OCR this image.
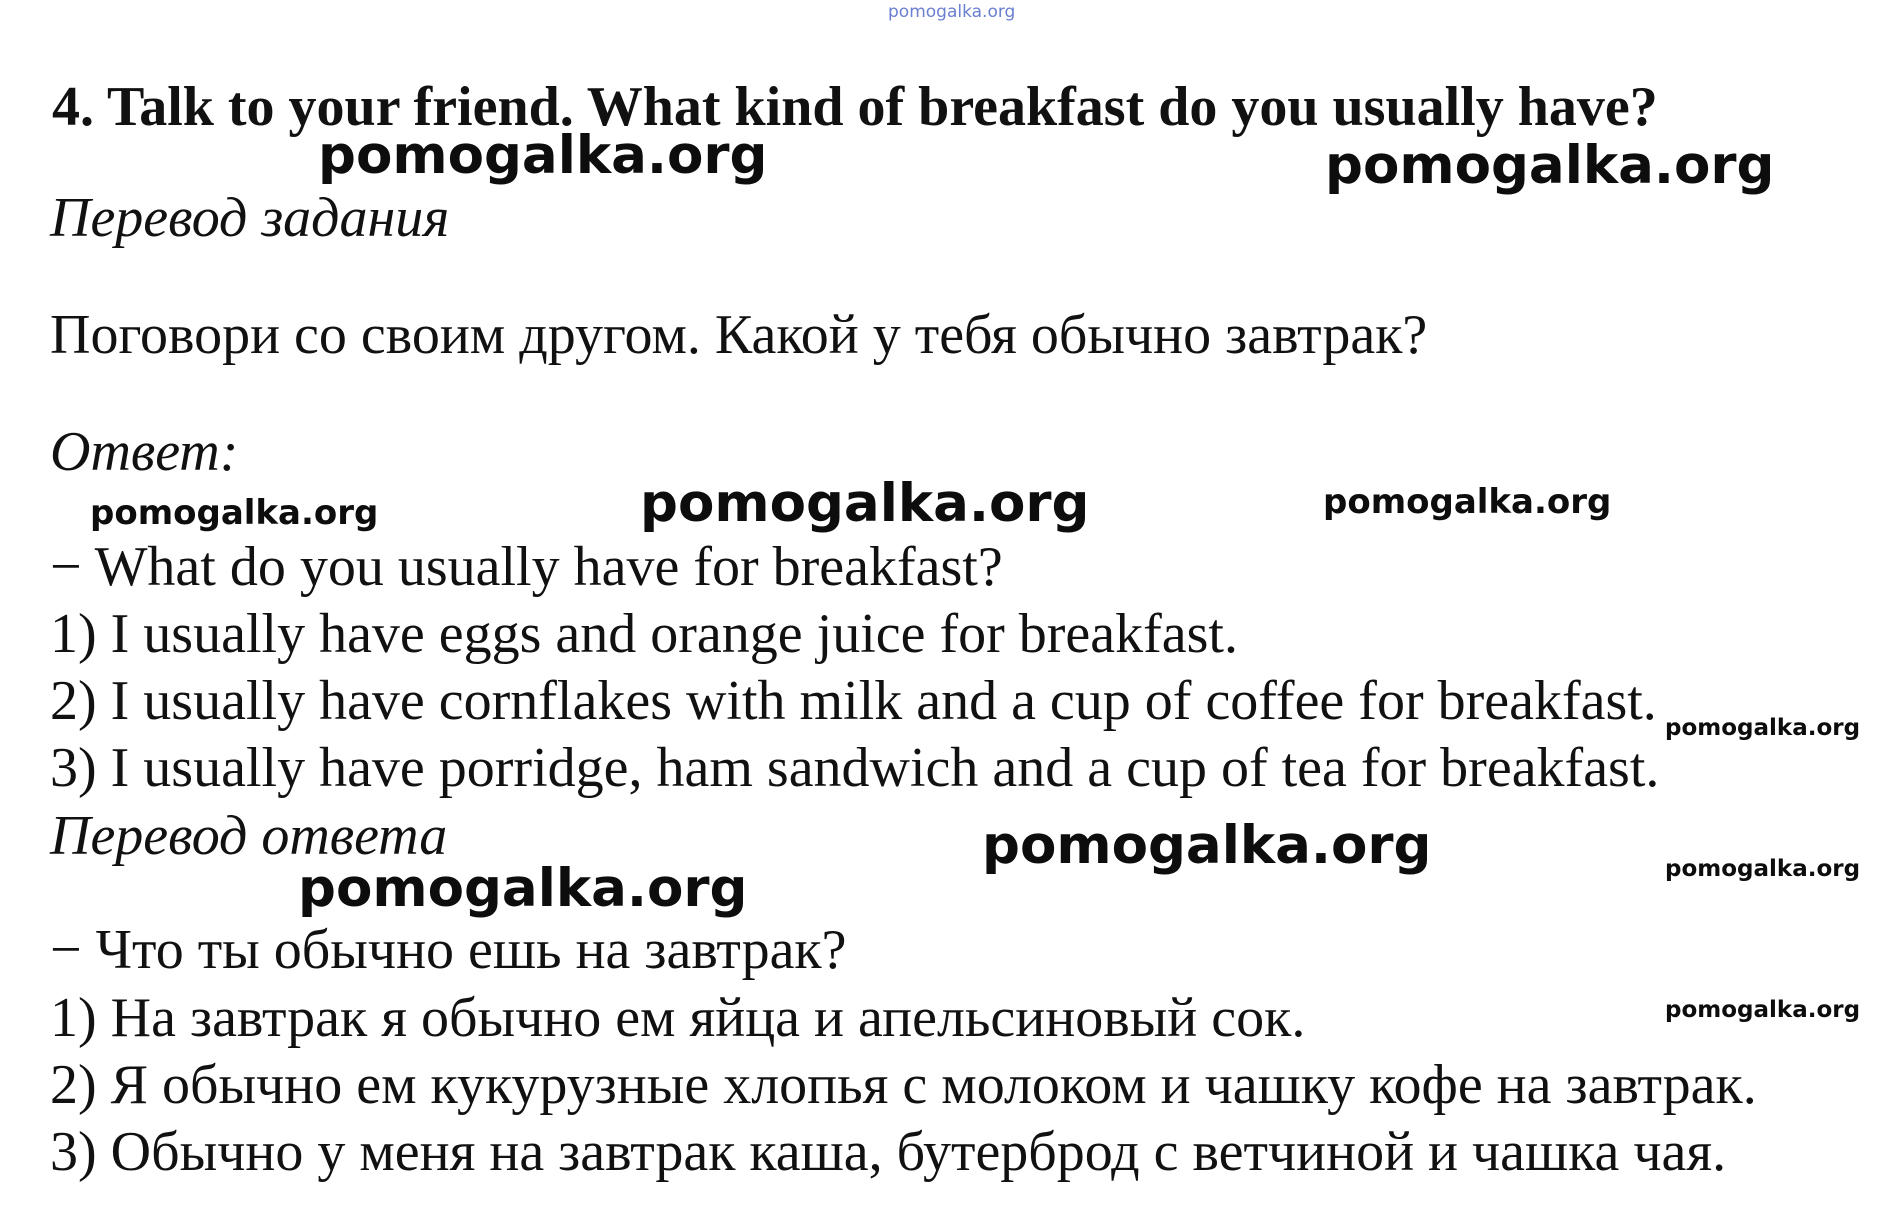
pomogalka.org
4. Talk to your friend. What kind of breakfast do you usually have?
pomogalka.org	pomogalka.org
Перевод задания
Поговори со своим другом. Какой у тебя обычно завтрак?
Ответ:
pomogalka.org	pomogalka.org	pomogalka.org
− What do you usually have for breakfast?
1) I usually have eggs and orange juice for breakfast.
2) I usually have cornflakes with milk and a cup of coffee for breakfast. pomogalka.org
3) I usually have porridge, ham sandwich and a cup of tea for breakfast.
Перевод ответа	pomogalka.org	pomogalka.org
pomogalka.org
− Что ты обычно ешь на завтрак?
pomogalka.org
1) На завтрак я обычно ем яйца и апельсиновый сок.
2) Я обычно ем кукурузные хлопья с молоком и чашку кофе на завтрак.
3) Обычно у меня на завтрак каша, бутерброд с ветчиной и чашка чая.
